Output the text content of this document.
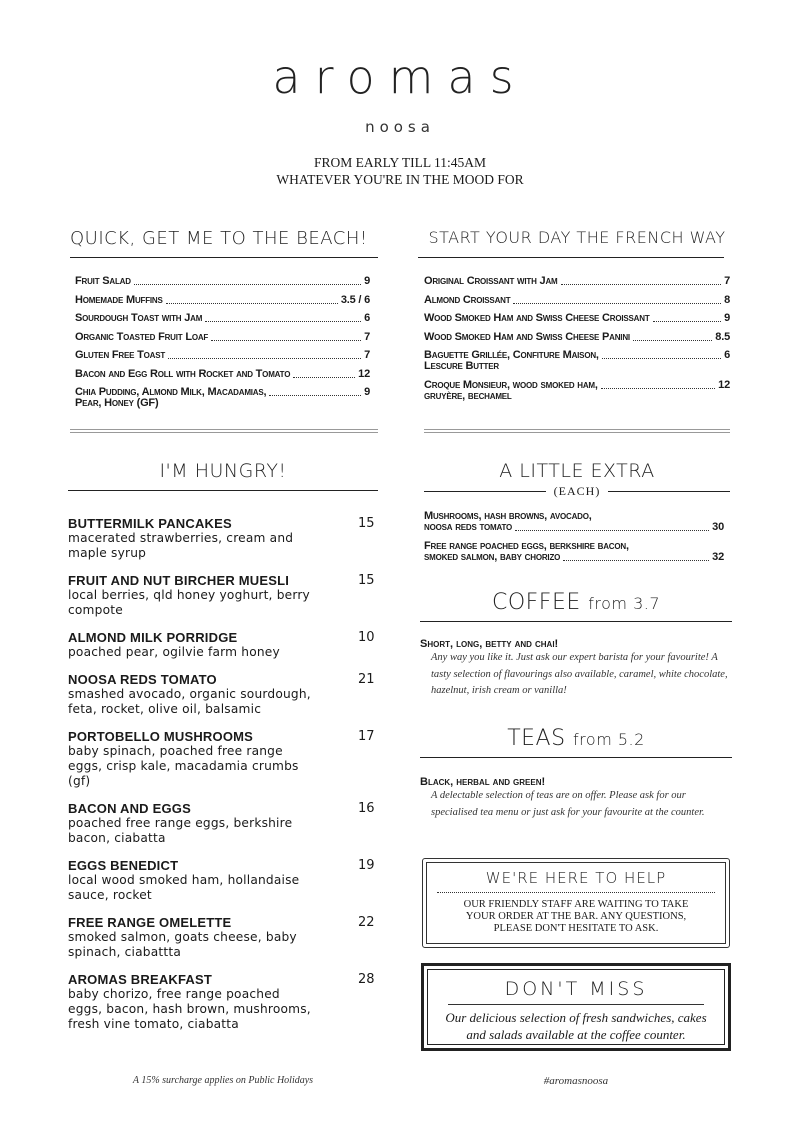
aromas
noosa
FROM EARLY TILL 11:45AM
WHATEVER YOU'RE IN THE MOOD FOR
QUICK, GET ME TO THE BEACH!
Fruit Salad	9
Homemade Muffins	3.5 / 6
Sourdough Toast with Jam	6
Organic Toasted Fruit Loaf	7
Gluten Free Toast	7
Bacon and Egg Roll with Rocket and Tomato	12
Chia Pudding, Almond Milk, Macadamias,	9
Pear, Honey (GF)
START YOUR DAY THE FRENCH WAY
Original Croissant with Jam	7
Almond Croissant	8
Wood Smoked Ham and Swiss Cheese Croissant	9
Wood Smoked Ham and Swiss Cheese Panini	8.5
Baguette Grillée, Confiture Maison,	6
Lescure Butter
Croque Monsieur, wood smoked ham,	12
gruyère, bechamel
I'M HUNGRY!
BUTTERMILK PANCAKES
macerated strawberries, cream and maple syrup
15
FRUIT AND NUT BIRCHER MUESLI
local berries, qld honey yoghurt, berry compote
15
ALMOND MILK PORRIDGE
poached pear, ogilvie farm honey
10
NOOSA REDS TOMATO
smashed avocado, organic sourdough, feta, rocket, olive oil, balsamic
21
PORTOBELLO MUSHROOMS
baby spinach, poached free range eggs, crisp kale, macadamia crumbs (gf)
17
BACON AND EGGS
poached free range eggs, berkshire bacon, ciabatta
16
EGGS BENEDICT
local wood smoked ham, hollandaise sauce, rocket
19
FREE RANGE OMELETTE
smoked salmon, goats cheese, baby spinach, ciabattta
22
AROMAS BREAKFAST
baby chorizo, free range poached eggs, bacon, hash brown, mushrooms, fresh vine tomato, ciabatta
28
A LITTLE EXTRA
(EACH)
Mushrooms, hash browns, avocado,
noosa reds tomato	30
Free range poached eggs, berkshire bacon,
smoked salmon, baby chorizo	32
COFFEE from 3.7
Short, long, betty and chai!
Any way you like it. Just ask our expert barista for your favourite! A tasty selection of flavourings also available, caramel, white chocolate, hazelnut, irish cream or vanilla!
TEAS from 5.2
Black, herbal and green!
A delectable selection of teas are on offer. Please ask for our specialised tea menu or just ask for your favourite at the counter.
WE'RE HERE TO HELP
OUR FRIENDLY STAFF ARE WAITING TO TAKE YOUR ORDER AT THE BAR. ANY QUESTIONS, PLEASE DON'T HESITATE TO ASK.
DON'T MISS
Our delicious selection of fresh sandwiches, cakes and salads available at the coffee counter.
A 15% surcharge applies on Public Holidays	#aromasnoosa
